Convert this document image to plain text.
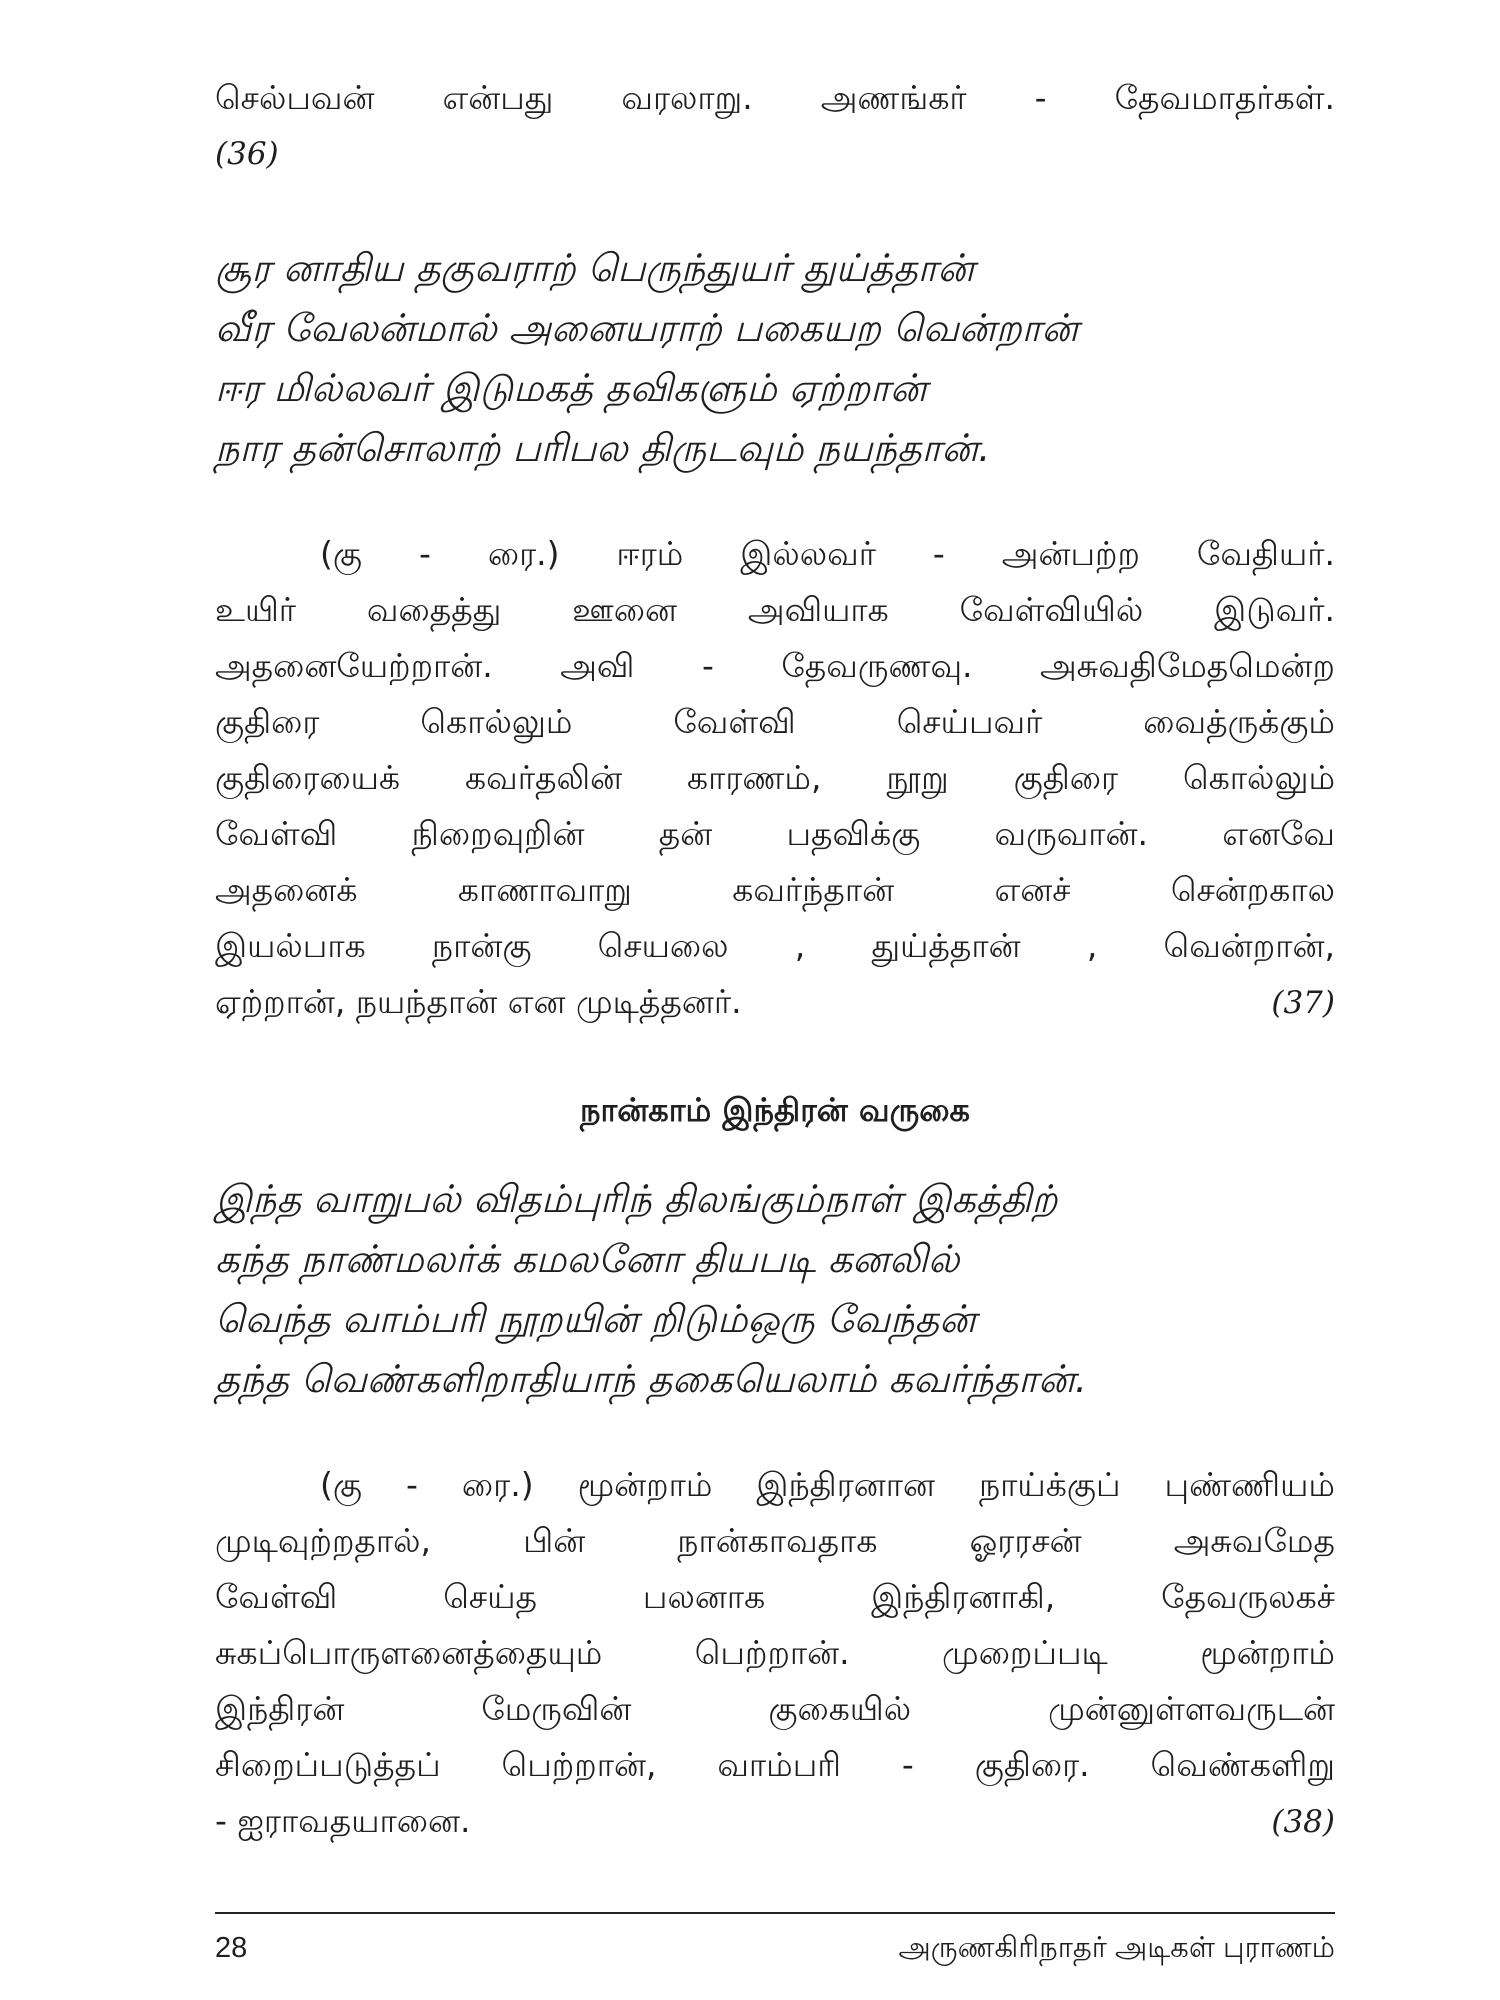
செல்பவன் என்பது வரலாறு. அணங்கர் - தேவமாதர்கள்.
(36)

சூர னாதிய தகுவராற் பெருந்துயர் துய்த்தான்
வீர வேலன்மால் அனையராற் பகையற வென்றான்
ஈர மில்லவர் இடுமகத் தவிகளும் ஏற்றான்
நார தன்சொலாற் பரிபல திருடவும் நயந்தான்.

(கு - ரை.) ஈரம் இல்லவர் - அன்பற்ற வேதியர்.
உயிர் வதைத்து ஊனை அவியாக வேள்வியில் இடுவர்.
அதனையேற்றான். அவி - தேவருணவு. அசுவதிமேதமென்ற
குதிரை கொல்லும் வேள்வி செய்பவர் வைத்ருக்கும்
குதிரையைக் கவர்தலின் காரணம், நூறு குதிரை கொல்லும்
வேள்வி நிறைவுறின் தன் பதவிக்கு வருவான். எனவே
அதனைக் காணாவாறு கவர்ந்தான் எனச் சென்றகால
இயல்பாக நான்கு செயலை , துய்த்தான் , வென்றான்,
ஏற்றான், நயந்தான் என முடித்தனர்.	(37)

நான்காம் இந்திரன் வருகை
இந்த வாறுபல் விதம்புரிந் திலங்கும்நாள் இகத்திற்
கந்த நாண்மலர்க் கமலனோ தியபடி கனலில்
வெந்த வாம்பரி நூறயின் றிடும்ஒரு வேந்தன்
தந்த வெண்களிறாதியாந் தகையெலாம் கவர்ந்தான்.

(கு - ரை.) மூன்றாம் இந்திரனான நாய்க்குப் புண்ணியம்
முடிவுற்றதால், பின் நான்காவதாக ஓரரசன் அசுவமேத
வேள்வி செய்த பலனாக இந்திரனாகி, தேவருலகச்
சுகப்பொருளனைத்தையும் பெற்றான். முறைப்படி மூன்றாம்
இந்திரன் மேருவின் குகையில் முன்னுள்ளவருடன்
சிறைப்படுத்தப் பெற்றான், வாம்பரி - குதிரை. வெண்களிறு
- ஐராவதயானை.	(38)

28	அருணகிரிநாதர் அடிகள் புராணம்
